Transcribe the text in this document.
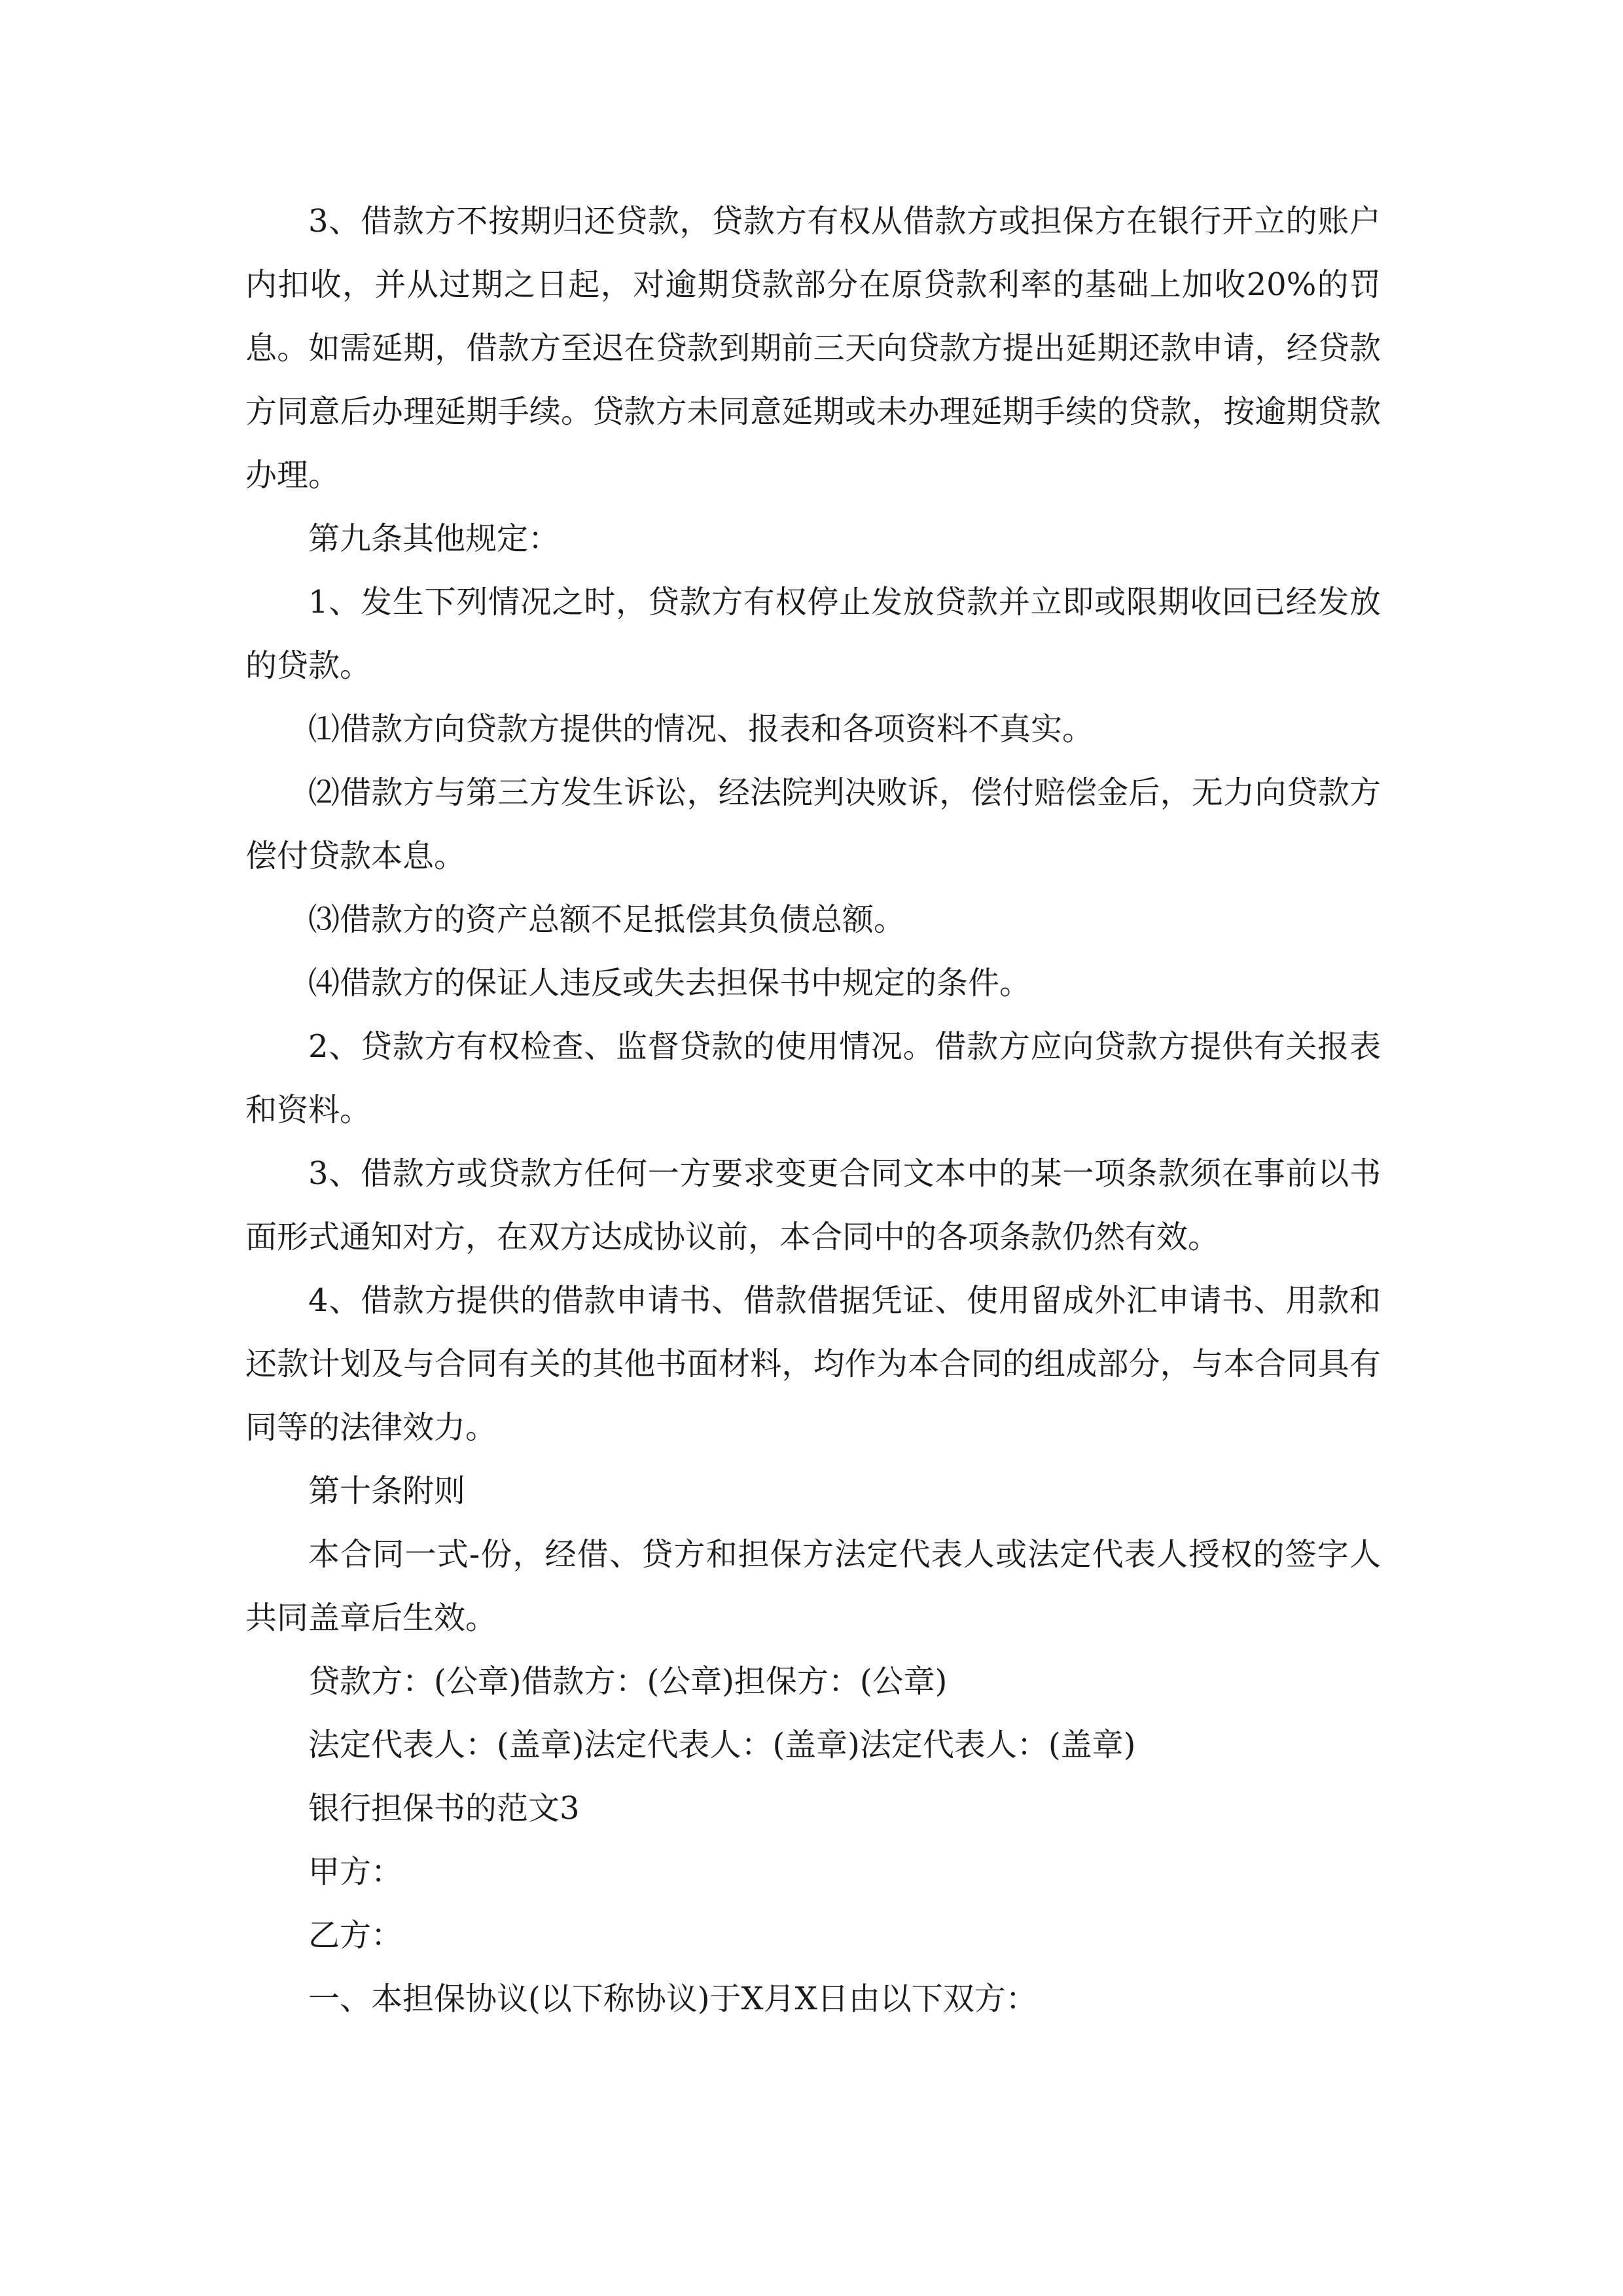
3、借款方不按期归还贷款，贷款方有权从借款方或担保方在银行开立的账户内扣收，并从过期之日起，对逾期贷款部分在原贷款利率的基础上加收20%的罚息。如需延期，借款方至迟在贷款到期前三天向贷款方提出延期还款申请，经贷款方同意后办理延期手续。贷款方未同意延期或未办理延期手续的贷款，按逾期贷款办理。

第九条其他规定：

1、发生下列情况之时，贷款方有权停止发放贷款并立即或限期收回已经发放的贷款。

⑴借款方向贷款方提供的情况、报表和各项资料不真实。

⑵借款方与第三方发生诉讼，经法院判决败诉，偿付赔偿金后，无力向贷款方偿付贷款本息。

⑶借款方的资产总额不足抵偿其负债总额。

⑷借款方的保证人违反或失去担保书中规定的条件。

2、贷款方有权检查、监督贷款的使用情况。借款方应向贷款方提供有关报表和资料。

3、借款方或贷款方任何一方要求变更合同文本中的某一项条款须在事前以书面形式通知对方，在双方达成协议前，本合同中的各项条款仍然有效。

4、借款方提供的借款申请书、借款借据凭证、使用留成外汇申请书、用款和还款计划及与合同有关的其他书面材料，均作为本合同的组成部分，与本合同具有同等的法律效力。

第十条附则

本合同一式-份，经借、贷方和担保方法定代表人或法定代表人授权的签字人共同盖章后生效。

贷款方：(公章)借款方：(公章)担保方：(公章)

法定代表人：(盖章)法定代表人：(盖章)法定代表人：(盖章)

银行担保书的范文3

甲方：

乙方：

一、本担保协议(以下称协议)于X月X日由以下双方：
